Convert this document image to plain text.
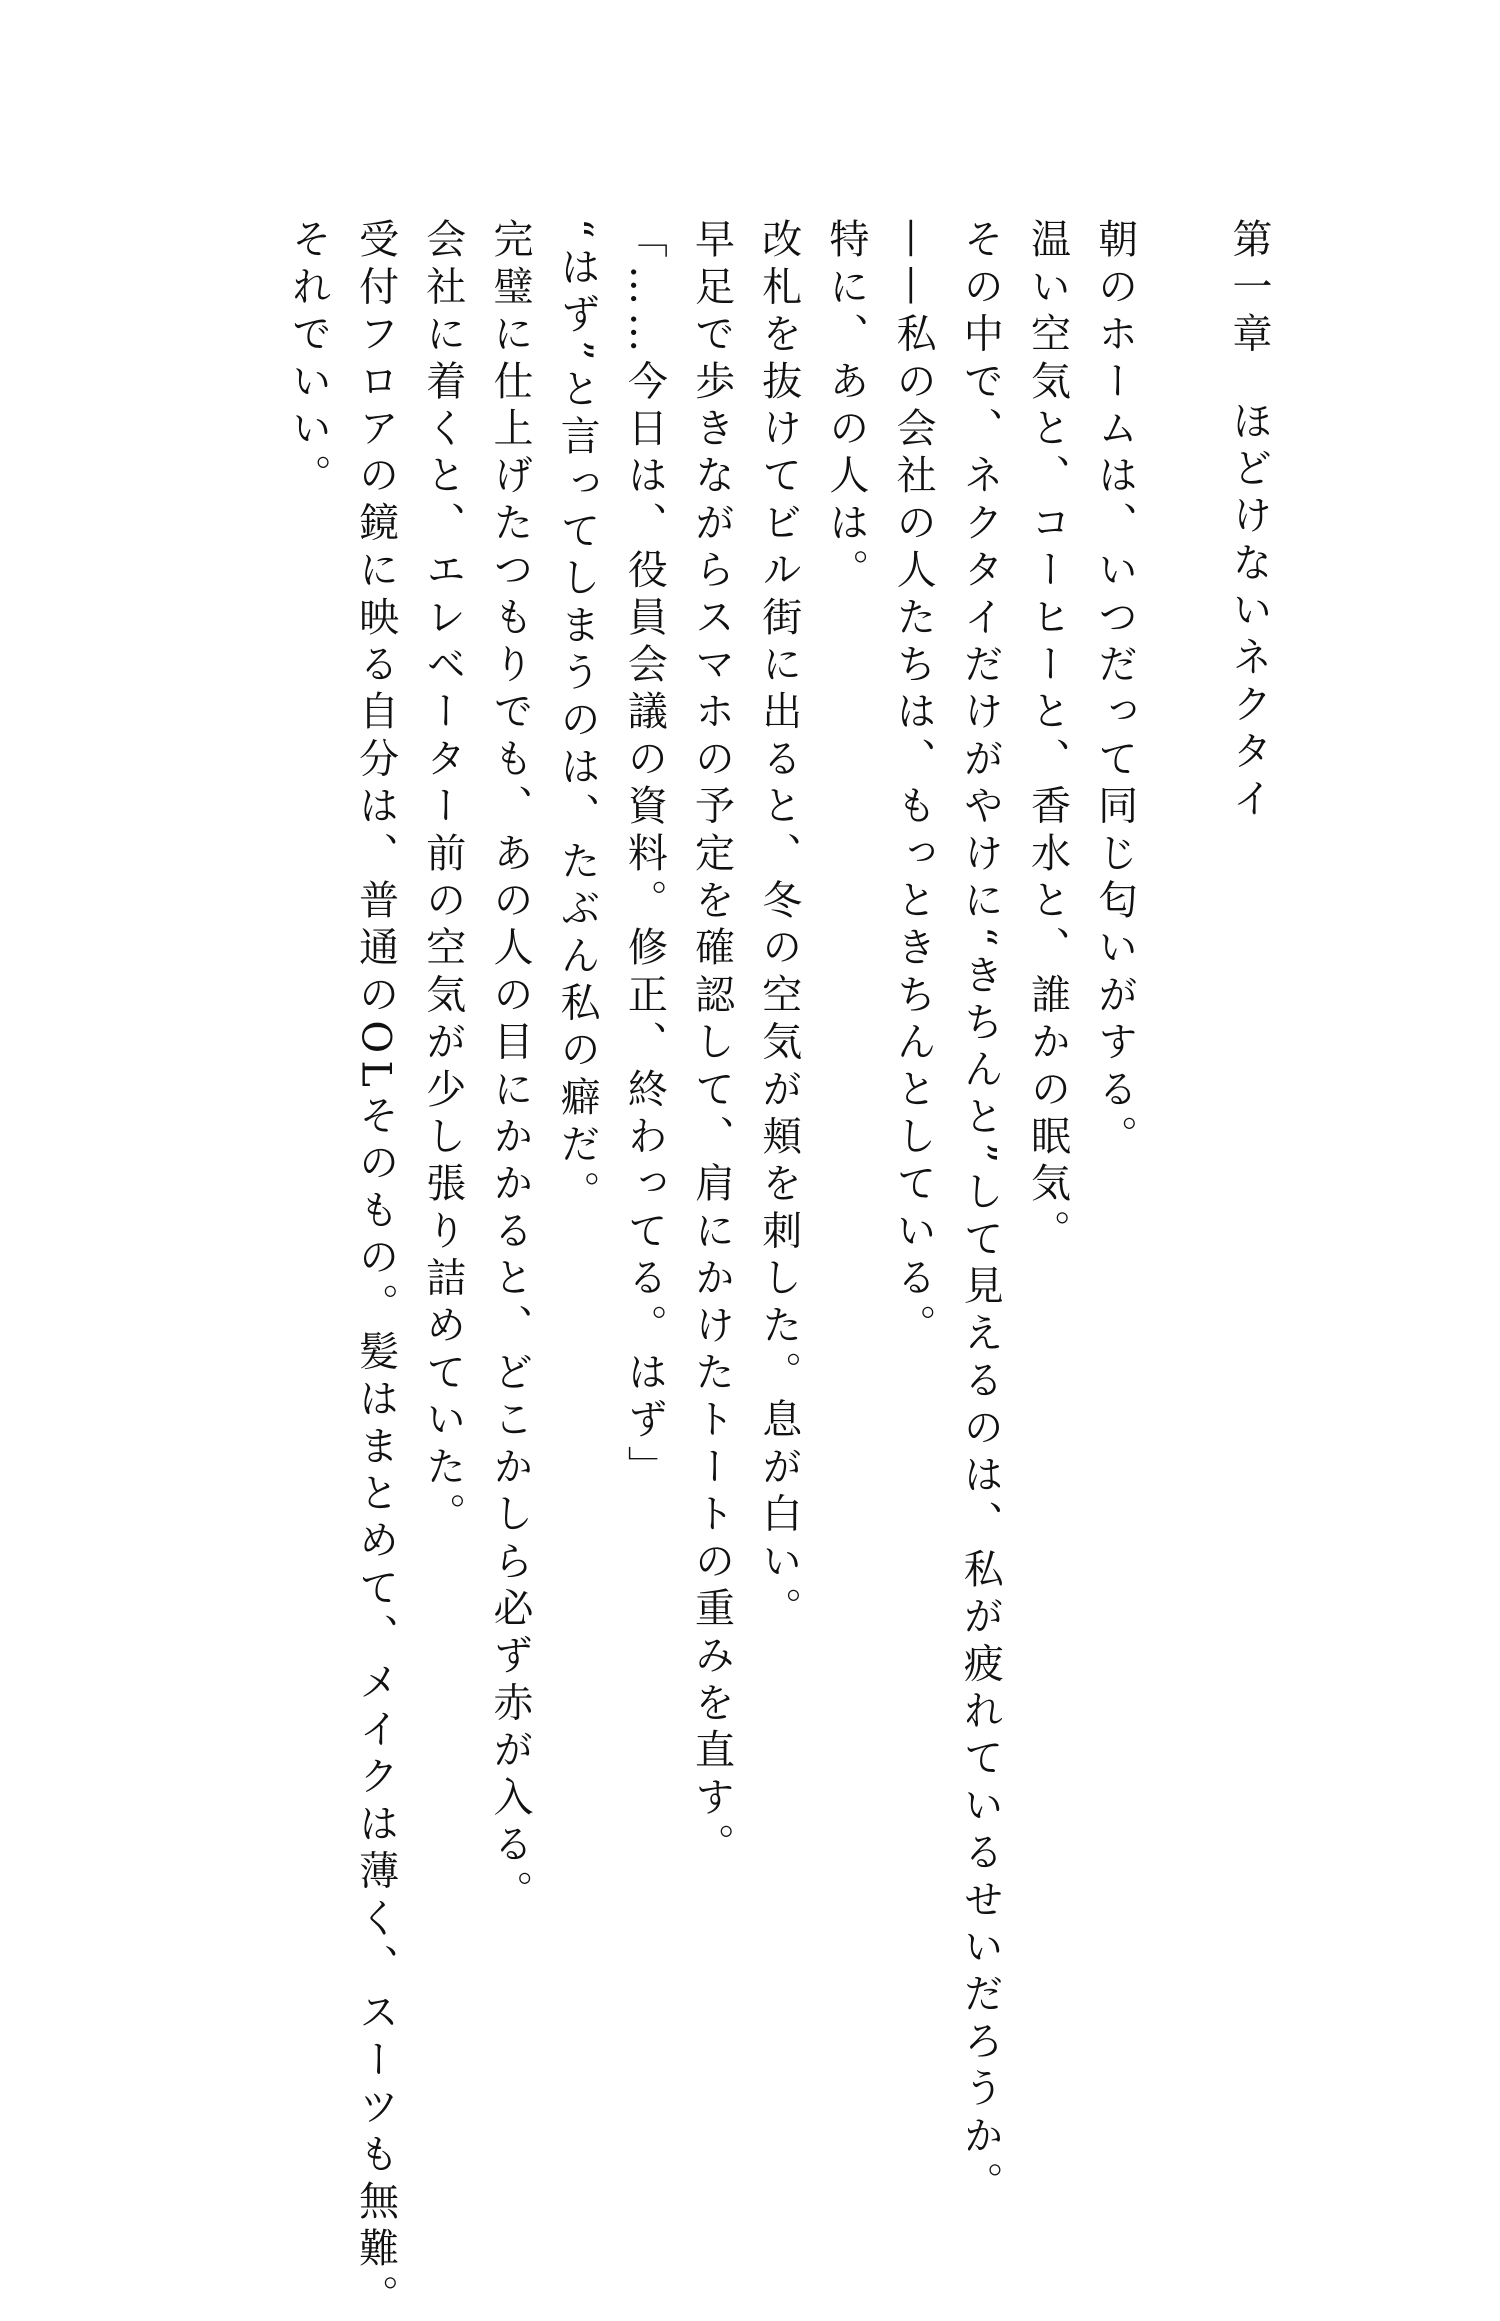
第一章ほどけないネクタイ

朝のホームは、いつだって同じ匂いがする。

温い空気と、コーヒーと、香水と、誰かの眠気。

その中で、ネクタイだけがやけに“きちんと”して見えるのは、私が疲れているせいだろうか。

——私の会社の人たちは、もっときちんとしている。

特に、あの人は。

改札を抜けてビル街に出ると、冬の空気が頬を刺した。息が白い。

早足で歩きながらスマホの予定を確認して、肩にかけたトートの重みを直す。

「……今日は、役員会議の資料。修正、終わってる。はず」

“はず”と言ってしまうのは、たぶん私の癖だ。

完璧に仕上げたつもりでも、あの人の目にかかると、どこかしら必ず赤が入る。

会社に着くと、エレベーター前の空気が少し張り詰めていた。

受付フロアの鏡に映る自分は、普通のOLそのもの。髪はまとめて、メイクは薄く、スーツも無難。

それでいい。
